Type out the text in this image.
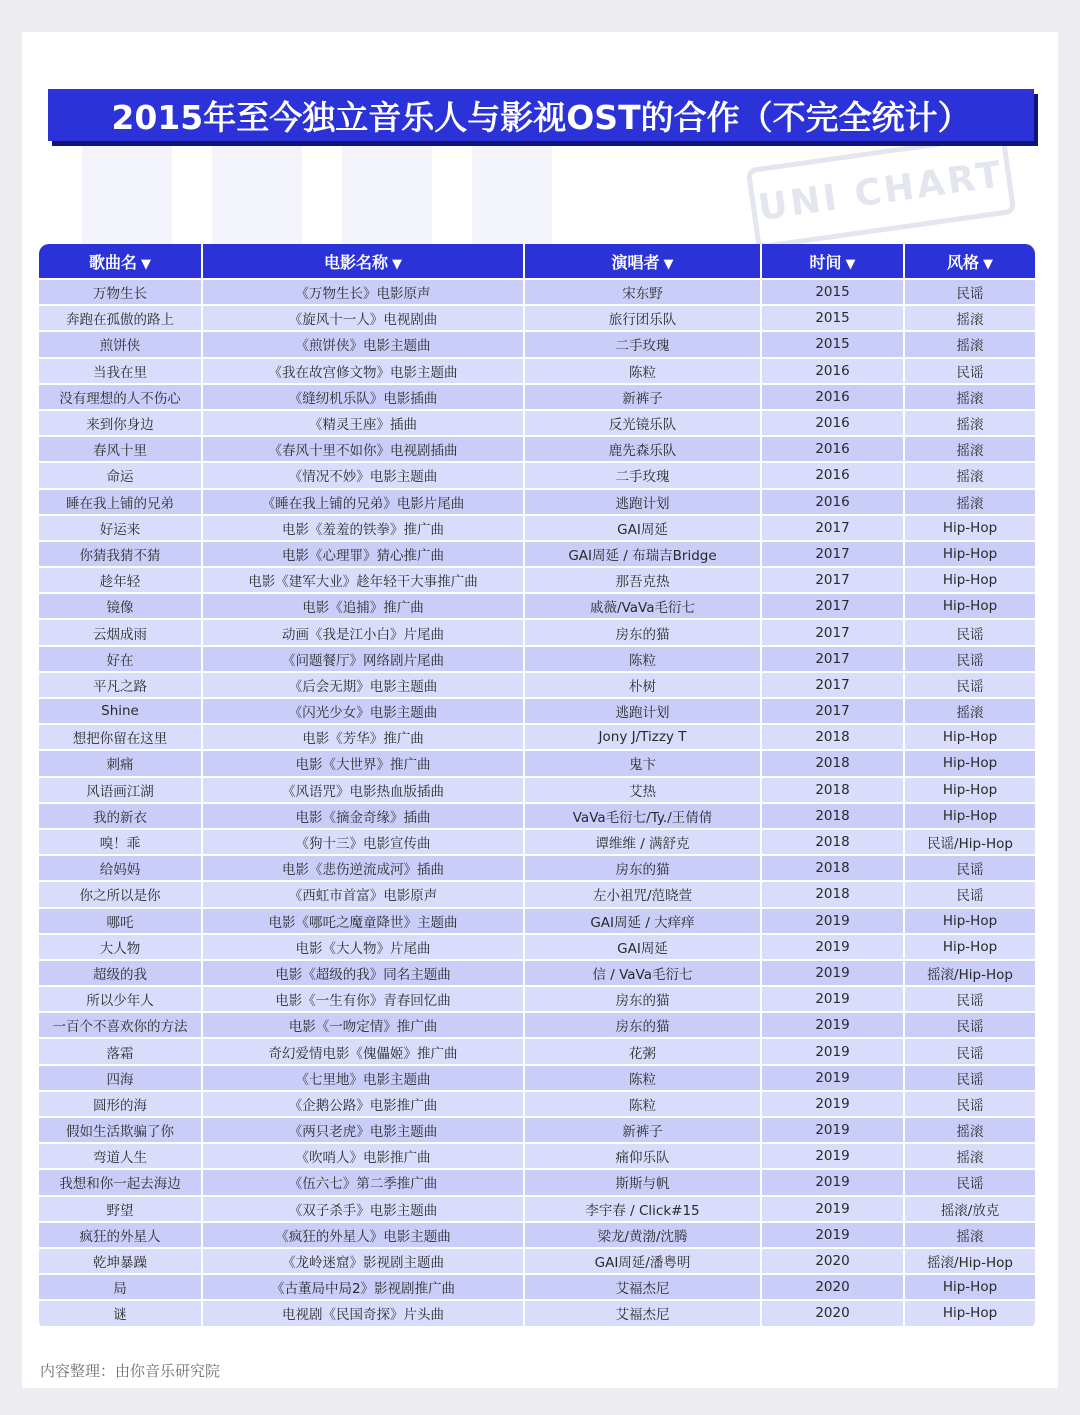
UNI CHART
2015年至今独立音乐人与影视OST的合作（不完全统计）
歌曲名 ▼	电影名称 ▼	演唱者 ▼	时间 ▼	风格 ▼
万物生长	《万物生长》电影原声	宋东野	2015	民谣
奔跑在孤傲的路上	《旋风十一人》电视剧曲	旅行团乐队	2015	摇滚
煎饼侠	《煎饼侠》电影主题曲	二手玫瑰	2015	摇滚
当我在里	《我在故宫修文物》电影主题曲	陈粒	2016	民谣
没有理想的人不伤心	《缝纫机乐队》电影插曲	新裤子	2016	摇滚
来到你身边	《精灵王座》插曲	反光镜乐队	2016	摇滚
春风十里	《春风十里不如你》电视剧插曲	鹿先森乐队	2016	摇滚
命运	《情况不妙》电影主题曲	二手玫瑰	2016	摇滚
睡在我上铺的兄弟	《睡在我上铺的兄弟》电影片尾曲	逃跑计划	2016	摇滚
好运来	电影《羞羞的铁拳》推广曲	GAI周延	2017	Hip-Hop
你猜我猜不猜	电影《心理罪》猜心推广曲	GAI周延 / 布瑞吉Bridge	2017	Hip-Hop
趁年轻	电影《建军大业》趁年轻干大事推广曲	那吾克热	2017	Hip-Hop
镜像	电影《追捕》推广曲	戚薇/VaVa毛衍七	2017	Hip-Hop
云烟成雨	动画《我是江小白》片尾曲	房东的猫	2017	民谣
好在	《问题餐厅》网络剧片尾曲	陈粒	2017	民谣
平凡之路	《后会无期》电影主题曲	朴树	2017	民谣
Shine	《闪光少女》电影主题曲	逃跑计划	2017	摇滚
想把你留在这里	电影《芳华》推广曲	Jony J/Tizzy T	2018	Hip-Hop
刺痛	电影《大世界》推广曲	鬼卞	2018	Hip-Hop
风语画江湖	《风语咒》电影热血版插曲	艾热	2018	Hip-Hop
我的新衣	电影《摘金奇缘》插曲	VaVa毛衍七/Ty./王倩倩	2018	Hip-Hop
嗅！乖	《狗十三》电影宣传曲	谭维维 / 满舒克	2018	民谣/Hip-Hop
给妈妈	电影《悲伤逆流成河》插曲	房东的猫	2018	民谣
你之所以是你	《西虹市首富》电影原声	左小祖咒/范晓萱	2018	民谣
哪吒	电影《哪吒之魔童降世》主题曲	GAI周延 / 大痒痒	2019	Hip-Hop
大人物	电影《大人物》片尾曲	GAI周延	2019	Hip-Hop
超级的我	电影《超级的我》同名主题曲	信 / VaVa毛衍七	2019	摇滚/Hip-Hop
所以少年人	电影《一生有你》青春回忆曲	房东的猫	2019	民谣
一百个不喜欢你的方法	电影《一吻定情》推广曲	房东的猫	2019	民谣
落霜	奇幻爱情电影《傀儡姬》推广曲	花粥	2019	民谣
四海	《七里地》电影主题曲	陈粒	2019	民谣
圆形的海	《企鹅公路》电影推广曲	陈粒	2019	民谣
假如生活欺骗了你	《两只老虎》电影主题曲	新裤子	2019	摇滚
弯道人生	《吹哨人》电影推广曲	痛仰乐队	2019	摇滚
我想和你一起去海边	《伍六七》第二季推广曲	斯斯与帆	2019	民谣
野望	《双子杀手》电影主题曲	李宇春 / Click#15	2019	摇滚/放克
疯狂的外星人	《疯狂的外星人》电影主题曲	梁龙/黄渤/沈腾	2019	摇滚
乾坤暴躁	《龙岭迷窟》影视剧主题曲	GAI周延/潘粤明	2020	摇滚/Hip-Hop
局	《古董局中局2》影视剧推广曲	艾福杰尼	2020	Hip-Hop
谜	电视剧《民国奇探》片头曲	艾福杰尼	2020	Hip-Hop
内容整理：由你音乐研究院
